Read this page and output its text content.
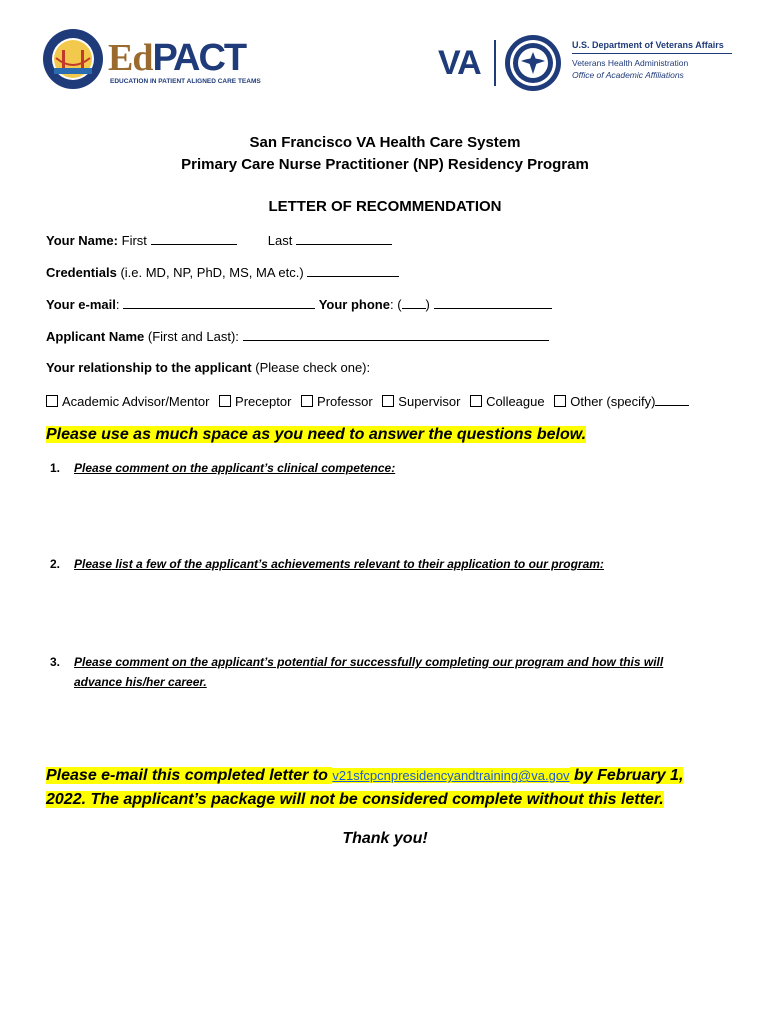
EdPACT
EDUCATION IN PATIENT ALIGNED CARE TEAMS	VA	U.S. Department of Veterans Affairs
Veterans Health Administration
Office of Academic Affiliations
San Francisco VA Health Care System
Primary Care Nurse Practitioner (NP) Residency Program
LETTER OF RECOMMENDATION
Your Name: First	Last
Credentials (i.e. MD, NP, PhD, MS, MA etc.)
Your e-mail:	Your phone: ( )
Applicant Name (First and Last):
Your relationship to the applicant (Please check one):
Academic Advisor/Mentor Preceptor Professor Supervisor Colleague Other (specify)
Please use as much space as you need to answer the questions below.
1. Please comment on the applicant’s clinical competence:
2. Please list a few of the applicant’s achievements relevant to their application to our program:
3. Please comment on the applicant’s potential for successfully completing our program and how this will
advance his/her career.
Please e-mail this completed letter to v21sfcpcnpresidencyandtraining@va.gov by February 1,
2022. The applicant’s package will not be considered complete without this letter.
Thank you!
